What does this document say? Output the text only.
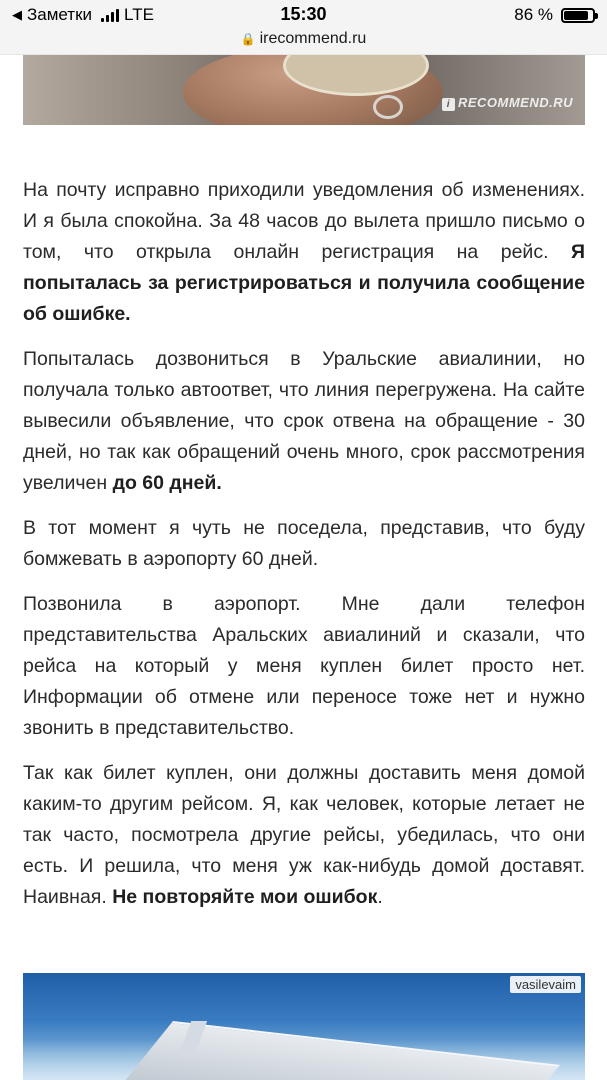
◀ Заметки LTE	15:30	86 %
🔒 irecommend.ru
i RECOMMEND.RU

На почту исправно приходили уведомления об изменениях. И я была спокойна. За 48 часов до вылета пришло письмо о том, что открыла онлайн регистрация на рейс. Я попыталась за регистрироваться и получила сообщение об ошибке.

Попыталась дозвониться в Уральские авиалинии, но получала только автоответ, что линия перегружена. На сайте вывесили объявление, что срок отвена на обращение - 30 дней, но так как обращений очень много, срок рассмотрения увеличен до 60 дней.

В тот момент я чуть не поседела, представив, что буду бомжевать в аэропорту 60 дней.

Позвонила в аэропорт. Мне дали телефон представительства Аральских авиалиний и сказали, что рейса на который у меня куплен билет просто нет. Информации об отмене или переносе тоже нет и нужно звонить в представительство.

Так как билет куплен, они должны доставить меня домой каким-то другим рейсом. Я, как человек, которые летает не так часто, посмотрела другие рейсы, убедилась, что они есть. И решила, что меня уж как-нибудь домой доставят. Наивная. Не повторяйте мои ошибок.

vasilevaim
